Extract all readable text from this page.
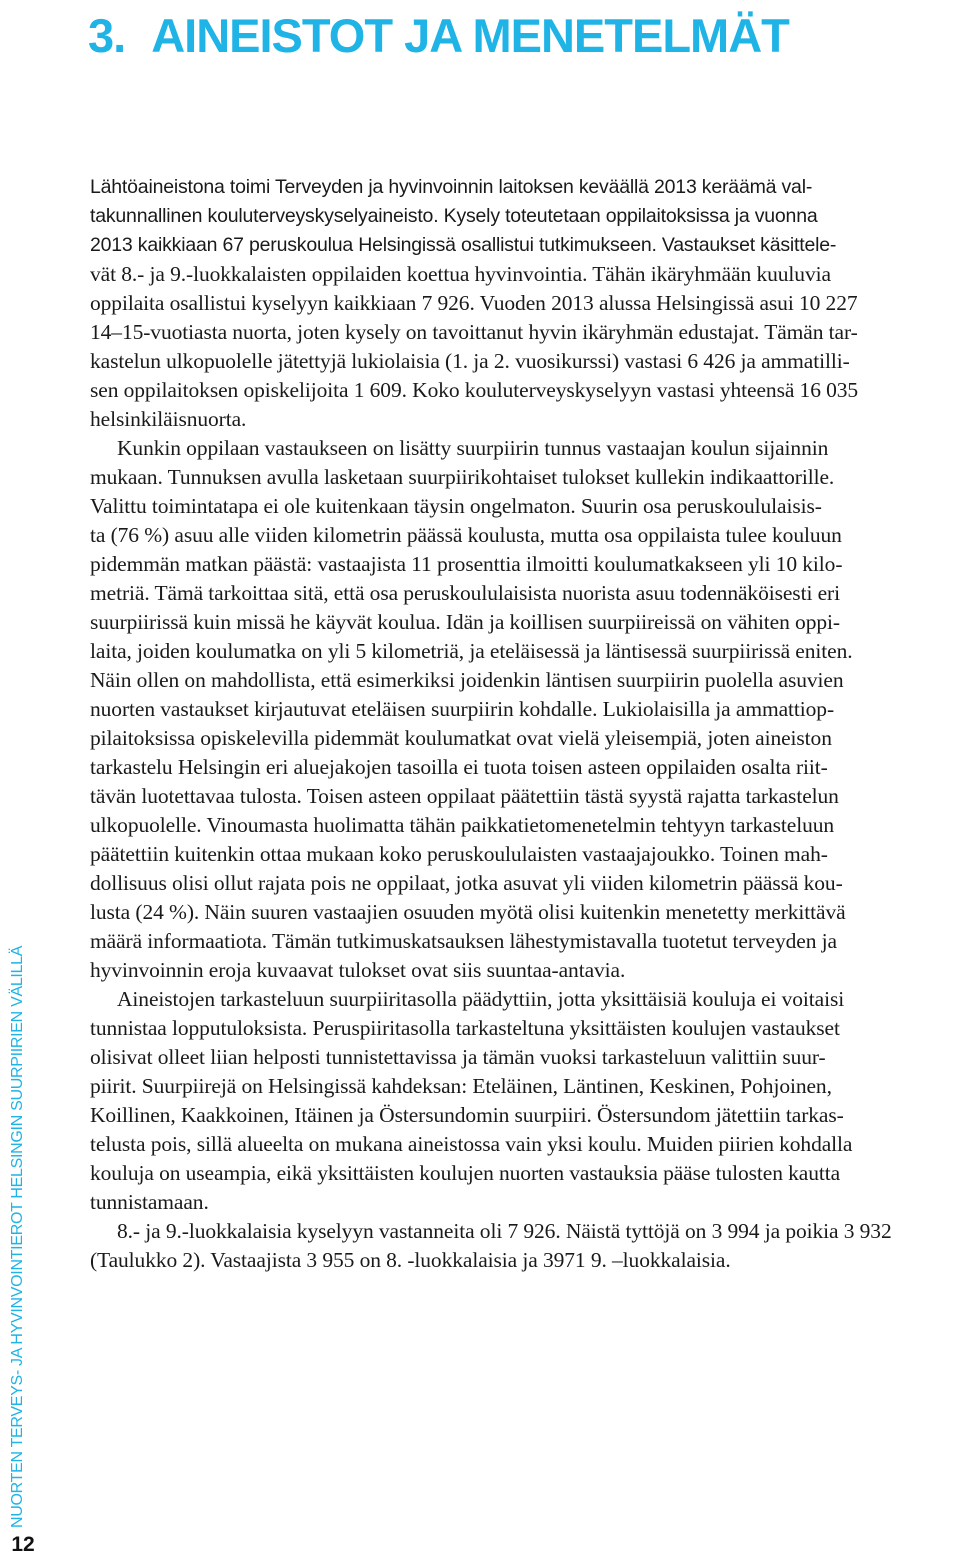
3. AINEISTOT JA MENETELMÄT

Lähtöaineistona toimi Terveyden ja hyvinvoinnin laitoksen keväällä 2013 keräämä val-

takunnallinen kouluterveyskyselyaineisto. Kysely toteutetaan oppilaitoksissa ja vuonna

2013 kaikkiaan 67 peruskoulua Helsingissä osallistui tutkimukseen. Vastaukset käsittele-

vät 8.- ja 9.-luokkalaisten oppilaiden koettua hyvinvointia. Tähän ikäryhmään kuuluvia

oppilaita osallistui kyselyyn kaikkiaan 7 926. Vuoden 2013 alussa Helsingissä asui 10 227

14–15-vuotiasta nuorta, joten kysely on tavoittanut hyvin ikäryhmän edustajat. Tämän tar-

kastelun ulkopuolelle jätettyjä lukiolaisia (1. ja 2. vuosikurssi) vastasi 6 426 ja ammatilli-

sen oppilaitoksen opiskelijoita 1 609. Koko kouluterveyskyselyyn vastasi yhteensä 16 035

helsinkiläisnuorta.

Kunkin oppilaan vastaukseen on lisätty suurpiirin tunnus vastaajan koulun sijainnin

mukaan. Tunnuksen avulla lasketaan suurpiirikohtaiset tulokset kullekin indikaattorille.

Valittu toimintatapa ei ole kuitenkaan täysin ongelmaton. Suurin osa peruskoululaisis-

ta (76 %) asuu alle viiden kilometrin päässä koulusta, mutta osa oppilaista tulee kouluun

pidemmän matkan päästä: vastaajista 11 prosenttia ilmoitti koulumatkakseen yli 10 kilo-

metriä. Tämä tarkoittaa sitä, että osa peruskoululaisista nuorista asuu todennäköisesti eri

suurpiirissä kuin missä he käyvät koulua. Idän ja koillisen suurpiireissä on vähiten oppi-

laita, joiden koulumatka on yli 5 kilometriä, ja eteläisessä ja läntisessä suurpiirissä eniten.

Näin ollen on mahdollista, että esimerkiksi joidenkin läntisen suurpiirin puolella asuvien

nuorten vastaukset kirjautuvat eteläisen suurpiirin kohdalle. Lukiolaisilla ja ammattiop-

pilaitoksissa opiskelevilla pidemmät koulumatkat ovat vielä yleisempiä, joten aineiston

tarkastelu Helsingin eri aluejakojen tasoilla ei tuota toisen asteen oppilaiden osalta riit-

tävän luotettavaa tulosta. Toisen asteen oppilaat päätettiin tästä syystä rajatta tarkastelun

ulkopuolelle. Vinoumasta huolimatta tähän paikkatietomenetelmin tehtyyn tarkasteluun

päätettiin kuitenkin ottaa mukaan koko peruskoululaisten vastaajajoukko. Toinen mah-

dollisuus olisi ollut rajata pois ne oppilaat, jotka asuvat yli viiden kilometrin päässä kou-

lusta (24 %). Näin suuren vastaajien osuuden myötä olisi kuitenkin menetetty merkittävä

määrä informaatiota. Tämän tutkimuskatsauksen lähestymistavalla tuotetut terveyden ja

hyvinvoinnin eroja kuvaavat tulokset ovat siis suuntaa-antavia.

Aineistojen tarkasteluun suurpiiritasolla päädyttiin, jotta yksittäisiä kouluja ei voitaisi

tunnistaa lopputuloksista. Peruspiiritasolla tarkasteltuna yksittäisten koulujen vastaukset

olisivat olleet liian helposti tunnistettavissa ja tämän vuoksi tarkasteluun valittiin suur-

piirit. Suurpiirejä on Helsingissä kahdeksan: Eteläinen, Läntinen, Keskinen, Pohjoinen,

Koillinen, Kaakkoinen, Itäinen ja Östersundomin suurpiiri. Östersundom jätettiin tarkas-

telusta pois, sillä alueelta on mukana aineistossa vain yksi koulu. Muiden piirien kohdalla

kouluja on useampia, eikä yksittäisten koulujen nuorten vastauksia pääse tulosten kautta

tunnistamaan.

8.- ja 9.-luokkalaisia kyselyyn vastanneita oli 7 926. Näistä tyttöjä on 3 994 ja poikia 3 932

(Taulukko 2). Vastaajista 3 955 on 8. -luokkalaisia ja 3971 9. –luokkalaisia.

NUORTEN TERVEYS- JA HYVINVOINTIEROT HELSINGIN SUURPIIRIEN VÄLILLÄ
12
